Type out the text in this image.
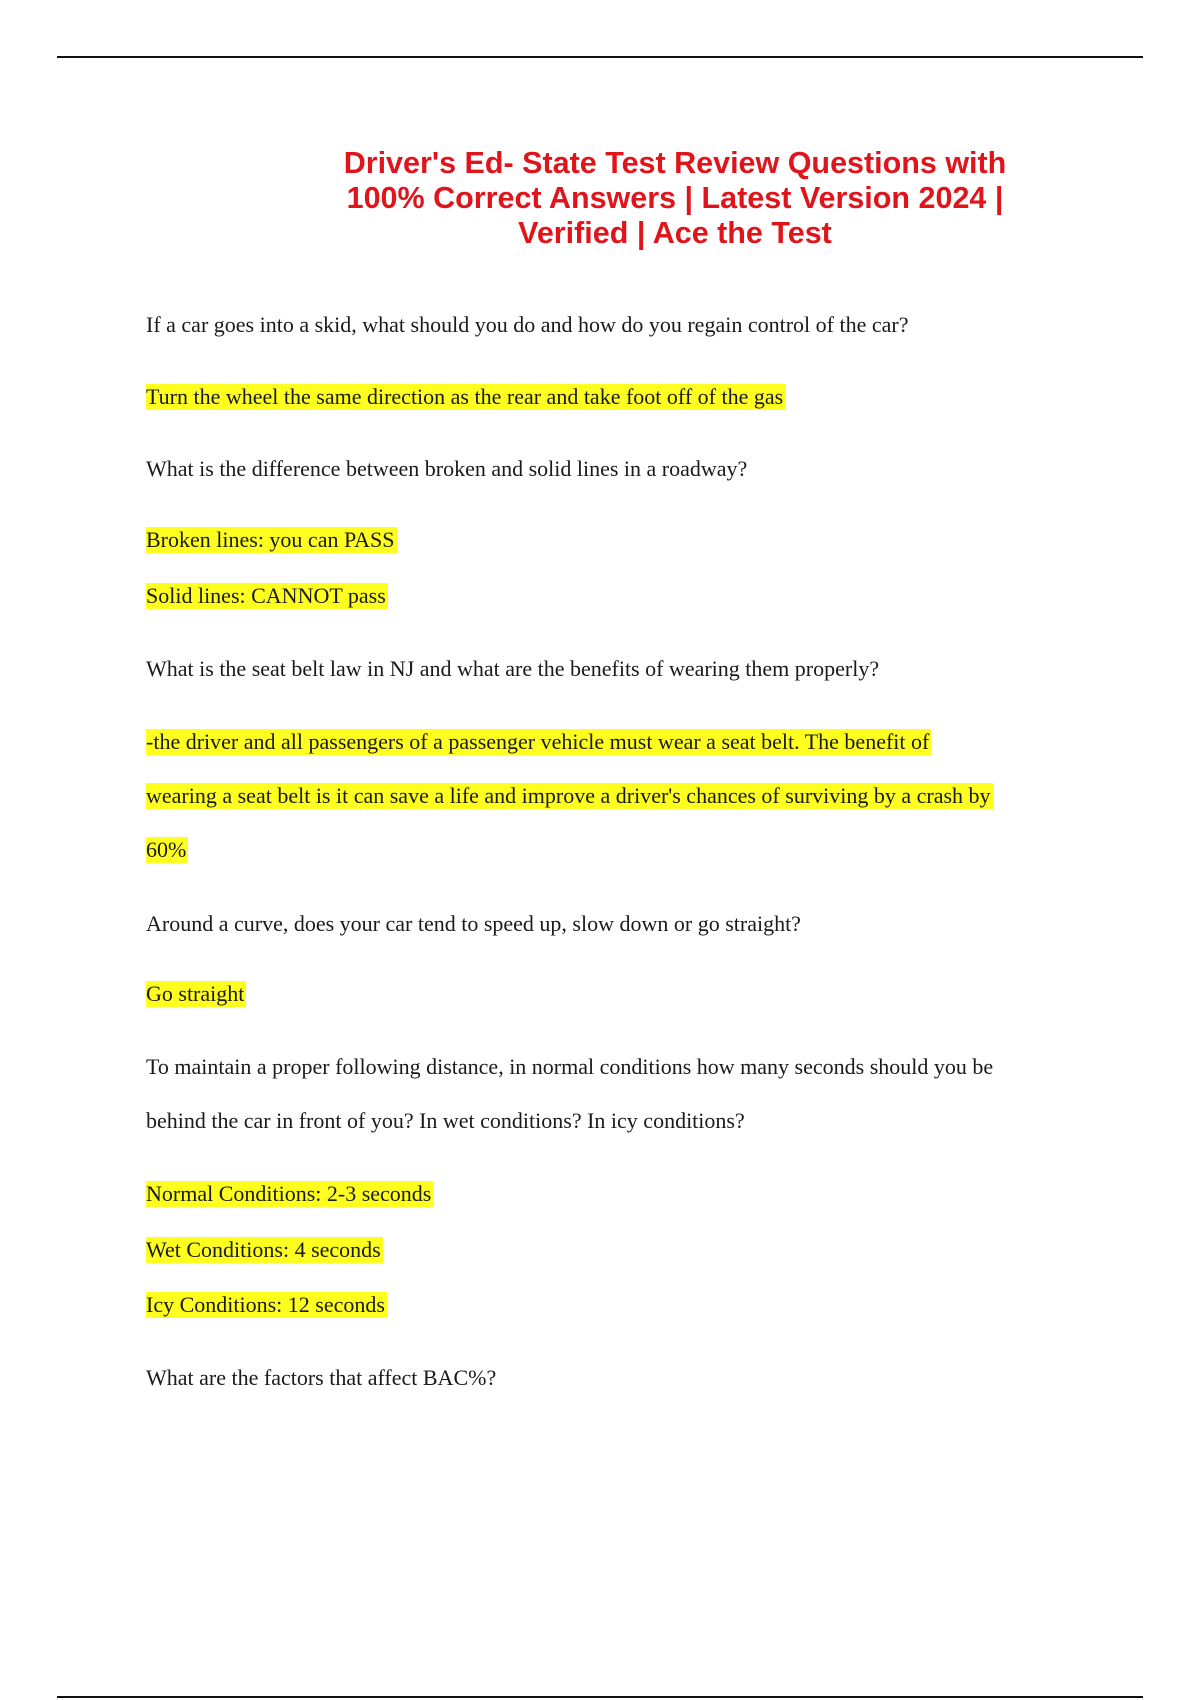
Driver's Ed- State Test Review Questions with
100% Correct Answers | Latest Version 2024 |
Verified | Ace the Test
If a car goes into a skid, what should you do and how do you regain control of the car?
Turn the wheel the same direction as the rear and take foot off of the gas
What is the difference between broken and solid lines in a roadway?
Broken lines: you can PASS
Solid lines: CANNOT pass
What is the seat belt law in NJ and what are the benefits of wearing them properly?
-the driver and all passengers of a passenger vehicle must wear a seat belt. The benefit of
wearing a seat belt is it can save a life and improve a driver's chances of surviving by a crash by
60%
Around a curve, does your car tend to speed up, slow down or go straight?
Go straight
To maintain a proper following distance, in normal conditions how many seconds should you be
behind the car in front of you? In wet conditions? In icy conditions?
Normal Conditions: 2-3 seconds
Wet Conditions: 4 seconds
Icy Conditions: 12 seconds
What are the factors that affect BAC%?
